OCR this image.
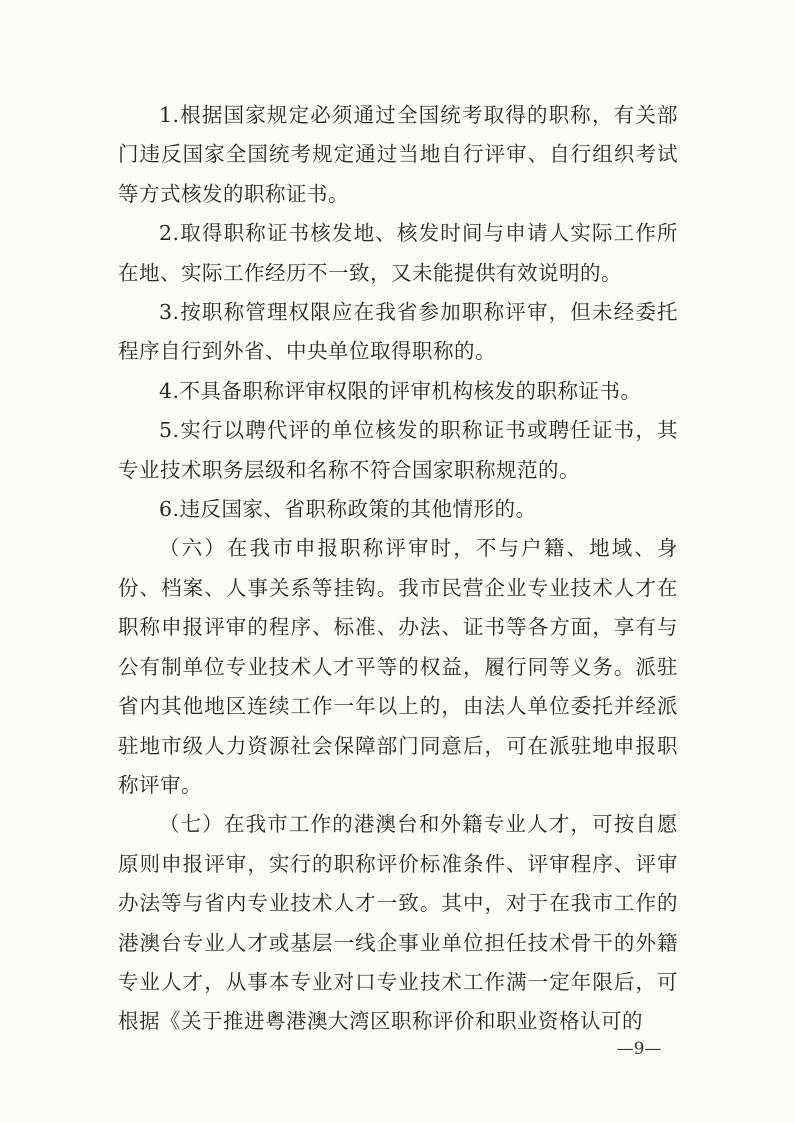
1.根据国家规定必须通过全国统考取得的职称，有关部门违反国家全国统考规定通过当地自行评审、自行组织考试等方式核发的职称证书。

2.取得职称证书核发地、核发时间与申请人实际工作所在地、实际工作经历不一致，又未能提供有效说明的。

3.按职称管理权限应在我省参加职称评审，但未经委托程序自行到外省、中央单位取得职称的。

4.不具备职称评审权限的评审机构核发的职称证书。

5.实行以聘代评的单位核发的职称证书或聘任证书，其专业技术职务层级和名称不符合国家职称规范的。

6.违反国家、省职称政策的其他情形的。

（六）在我市申报职称评审时，不与户籍、地域、身份、档案、人事关系等挂钩。我市民营企业专业技术人才在职称申报评审的程序、标准、办法、证书等各方面，享有与公有制单位专业技术人才平等的权益，履行同等义务。派驻省内其他地区连续工作一年以上的，由法人单位委托并经派驻地市级人力资源社会保障部门同意后，可在派驻地申报职称评审。

（七）在我市工作的港澳台和外籍专业人才，可按自愿原则申报评审，实行的职称评价标准条件、评审程序、评审办法等与省内专业技术人才一致。其中，对于在我市工作的港澳台专业人才或基层一线企事业单位担任技术骨干的外籍专业人才，从事本专业对口专业技术工作满一定年限后，可根据《关于推进粤港澳大湾区职称评价和职业资格认可的

—9—
